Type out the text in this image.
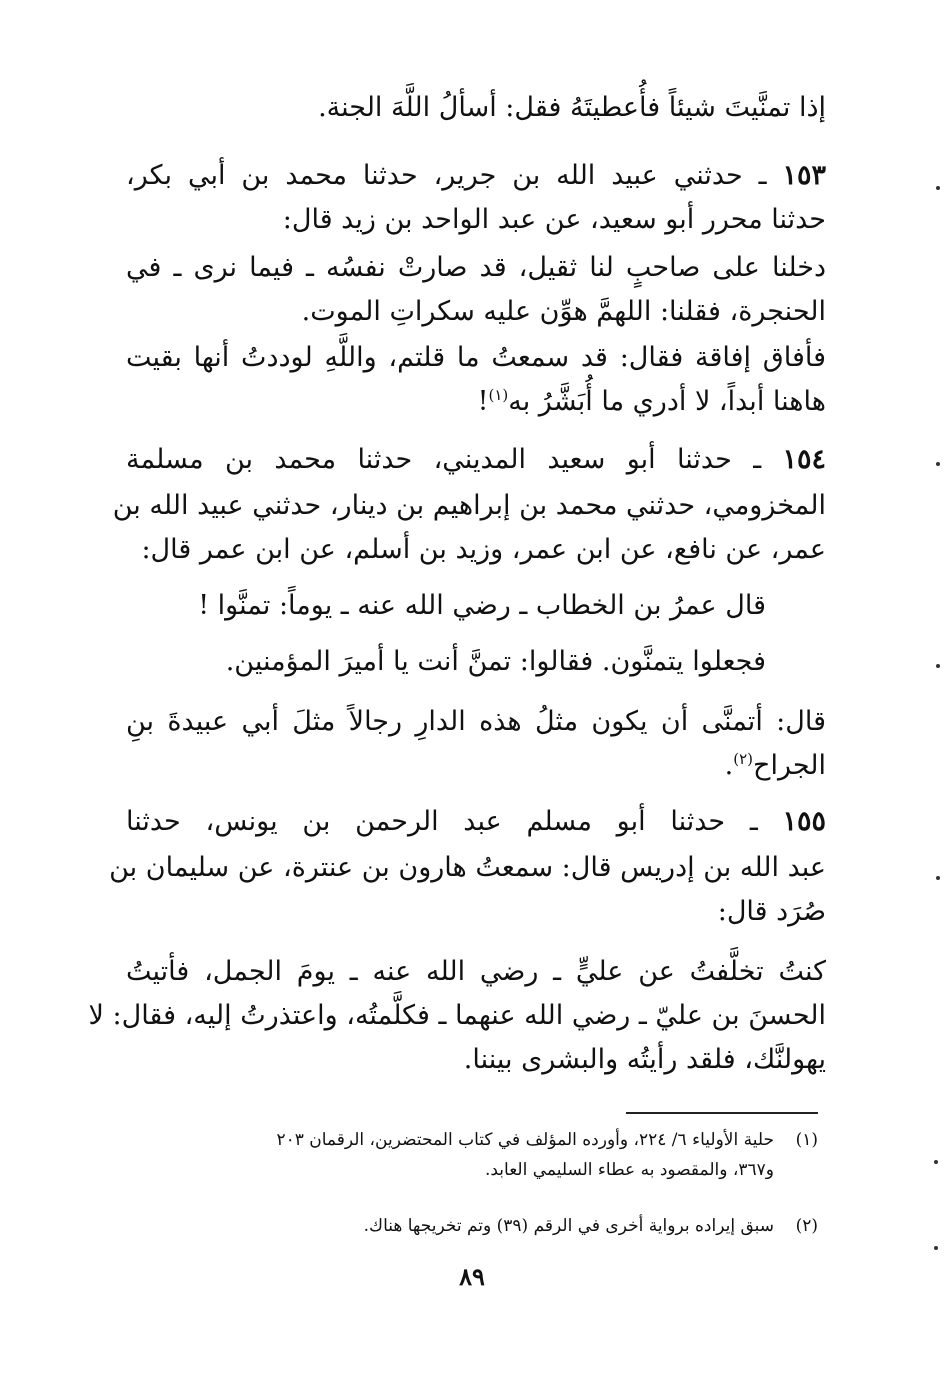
إذا تمنَّيتَ شيئاً فأُعطيتَهُ فقل: أسألُ اللَّهَ الجنة.
١٥٣ ـ حدثني عبيد الله بن جرير، حدثنا محمد بن أبي بكر،
حدثنا محرر أبو سعيد، عن عبد الواحد بن زيد قال:
دخلنا على صاحبٍ لنا ثقيل، قد صارتْ نفسُه ـ فيما نرى ـ في
الحنجرة، فقلنا: اللهمَّ هوِّن عليه سكراتِ الموت.
فأفاق إفاقة فقال: قد سمعتُ ما قلتم، واللَّهِ لوددتُ أنها بقيت
هاهنا أبداً، لا أدري ما أُبَشَّرُ به$^{(١)}$!
١٥٤ ـ حدثنا أبو سعيد المديني، حدثنا محمد بن مسلمة
المخزومي، حدثني محمد بن إبراهيم بن دينار، حدثني عبيد الله بن
عمر، عن نافع، عن ابن عمر، وزيد بن أسلم، عن ابن عمر قال:
قال عمرُ بن الخطاب ـ رضي الله عنه ـ يوماً: تمنَّوا !
فجعلوا يتمنَّون. فقالوا: تمنَّ أنت يا أميرَ المؤمنين.
قال: أتمنَّى أن يكون مثلُ هذه الدارِ رجالاً مثلَ أبي عبيدةَ بنِ
الجراح$^{(٢)}$.
١٥٥ ـ حدثنا أبو مسلم عبد الرحمن بن يونس، حدثنا
عبد الله بن إدريس قال: سمعتُ هارون بن عنترة، عن سليمان بن
صُرَد قال:
كنتُ تخلَّفتُ عن عليٍّ ـ رضي الله عنه ـ يومَ الجمل، فأتيتُ
الحسنَ بن عليّ ـ رضي الله عنهما ـ فكلَّمتُه، واعتذرتُ إليه، فقال: لا
يهولنَّك، فلقد رأيتُه والبشرى بيننا.
(١)حلية الأولياء ٦/ ٢٢٤، وأورده المؤلف في كتاب المحتضرين، الرقمان ٢٠٣
و٣٦٧، والمقصود به عطاء السليمي العابد.
(٢)سبق إيراده برواية أخرى في الرقم (٣٩) وتم تخريجها هناك.
٨٩
